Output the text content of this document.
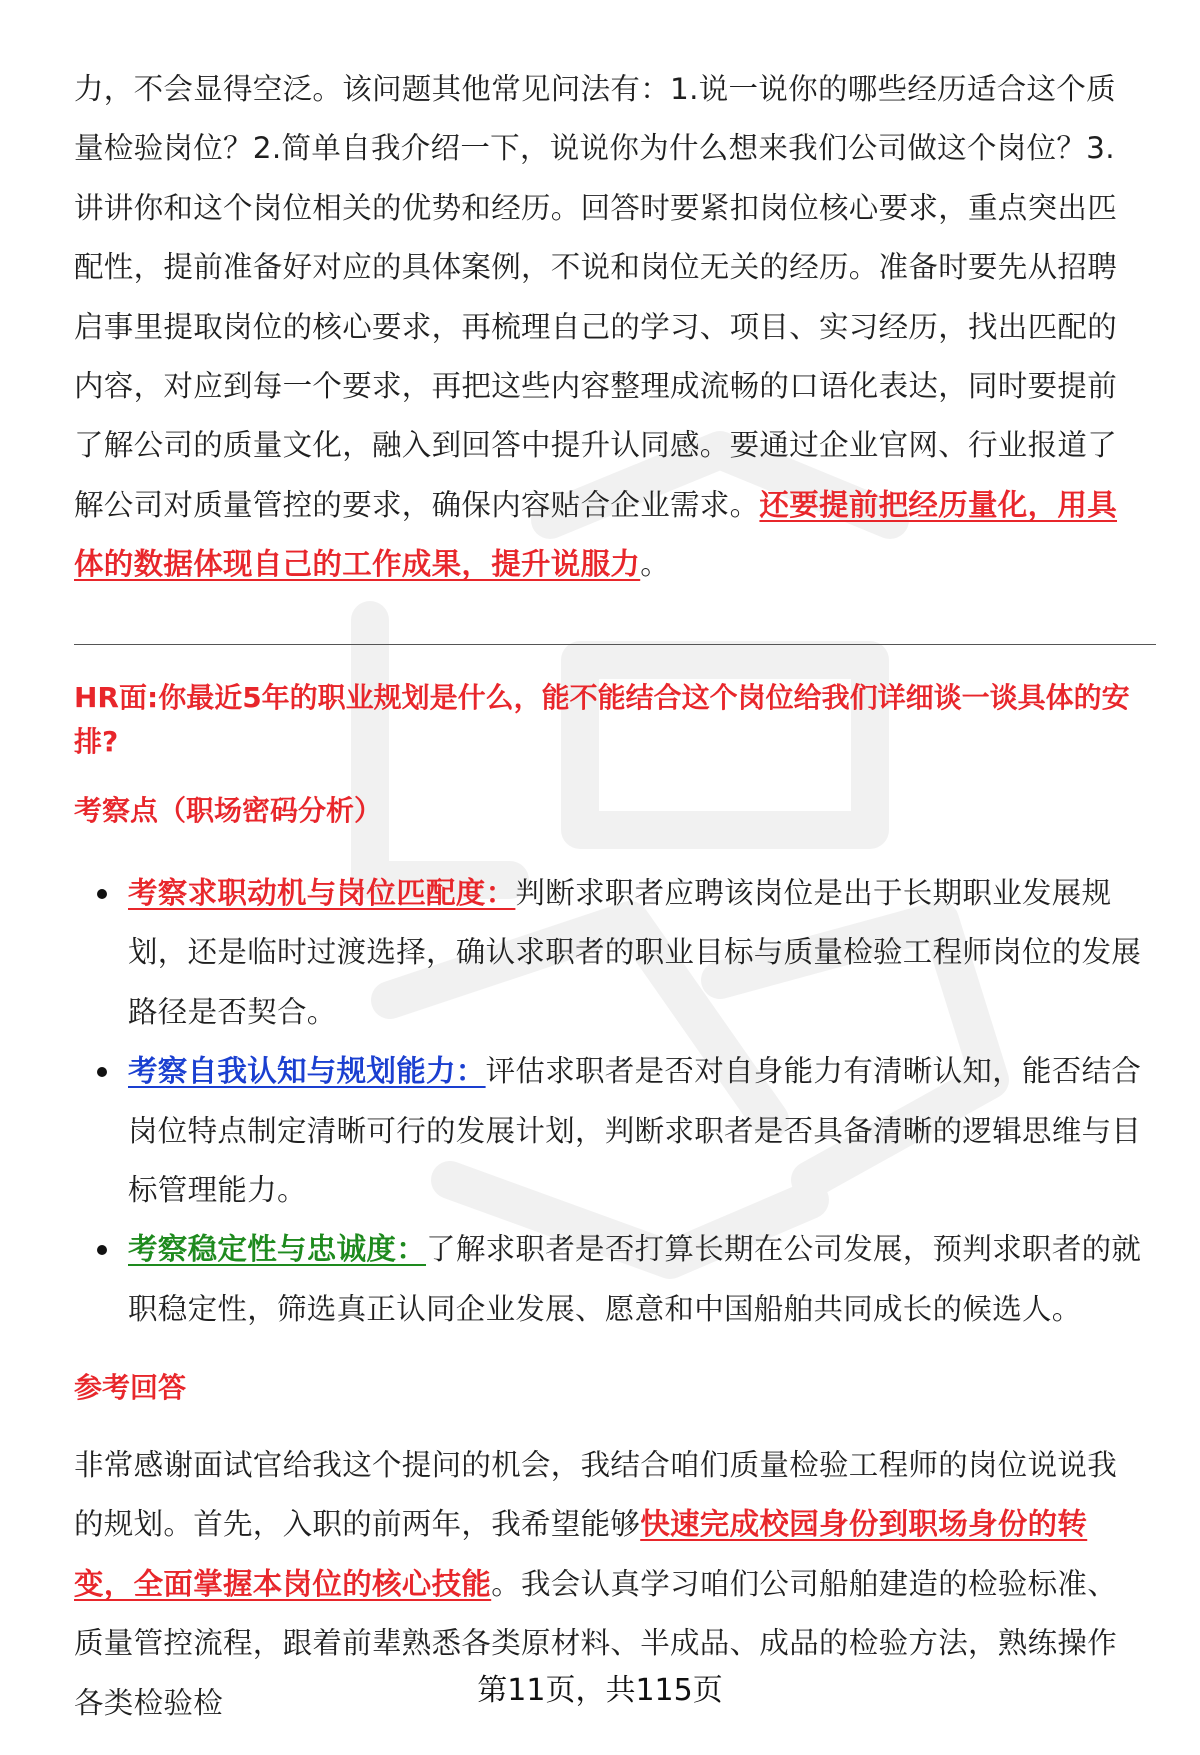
力，不会显得空泛。该问题其他常见问法有：1.说一说你的哪些经历适合这个质量检验岗位？2.简单自我介绍一下，说说你为什么想来我们公司做这个岗位？3.讲讲你和这个岗位相关的优势和经历。回答时要紧扣岗位核心要求，重点突出匹配性，提前准备好对应的具体案例，不说和岗位无关的经历。准备时要先从招聘启事里提取岗位的核心要求，再梳理自己的学习、项目、实习经历，找出匹配的内容，对应到每一个要求，再把这些内容整理成流畅的口语化表达，同时要提前了解公司的质量文化，融入到回答中提升认同感。要通过企业官网、行业报道了解公司对质量管控的要求，确保内容贴合企业需求。还要提前把经历量化，用具体的数据体现自己的工作成果，提升说服力。

HR面:你最近5年的职业规划是什么，能不能结合这个岗位给我们详细谈一谈具体的安排?

考察点（职场密码分析）

考察求职动机与岗位匹配度：判断求职者应聘该岗位是出于长期职业发展规划，还是临时过渡选择，确认求职者的职业目标与质量检验工程师岗位的发展路径是否契合。
考察自我认知与规划能力：评估求职者是否对自身能力有清晰认知，能否结合岗位特点制定清晰可行的发展计划，判断求职者是否具备清晰的逻辑思维与目标管理能力。
考察稳定性与忠诚度：了解求职者是否打算长期在公司发展，预判求职者的就职稳定性，筛选真正认同企业发展、愿意和中国船舶共同成长的候选人。

参考回答

非常感谢面试官给我这个提问的机会，我结合咱们质量检验工程师的岗位说说我的规划。首先，入职的前两年，我希望能够快速完成校园身份到职场身份的转变，全面掌握本岗位的核心技能。我会认真学习咱们公司船舶建造的检验标准、质量管控流程，跟着前辈熟悉各类原材料、半成品、成品的检验方法，熟练操作各类检验检	第11页，共115页
